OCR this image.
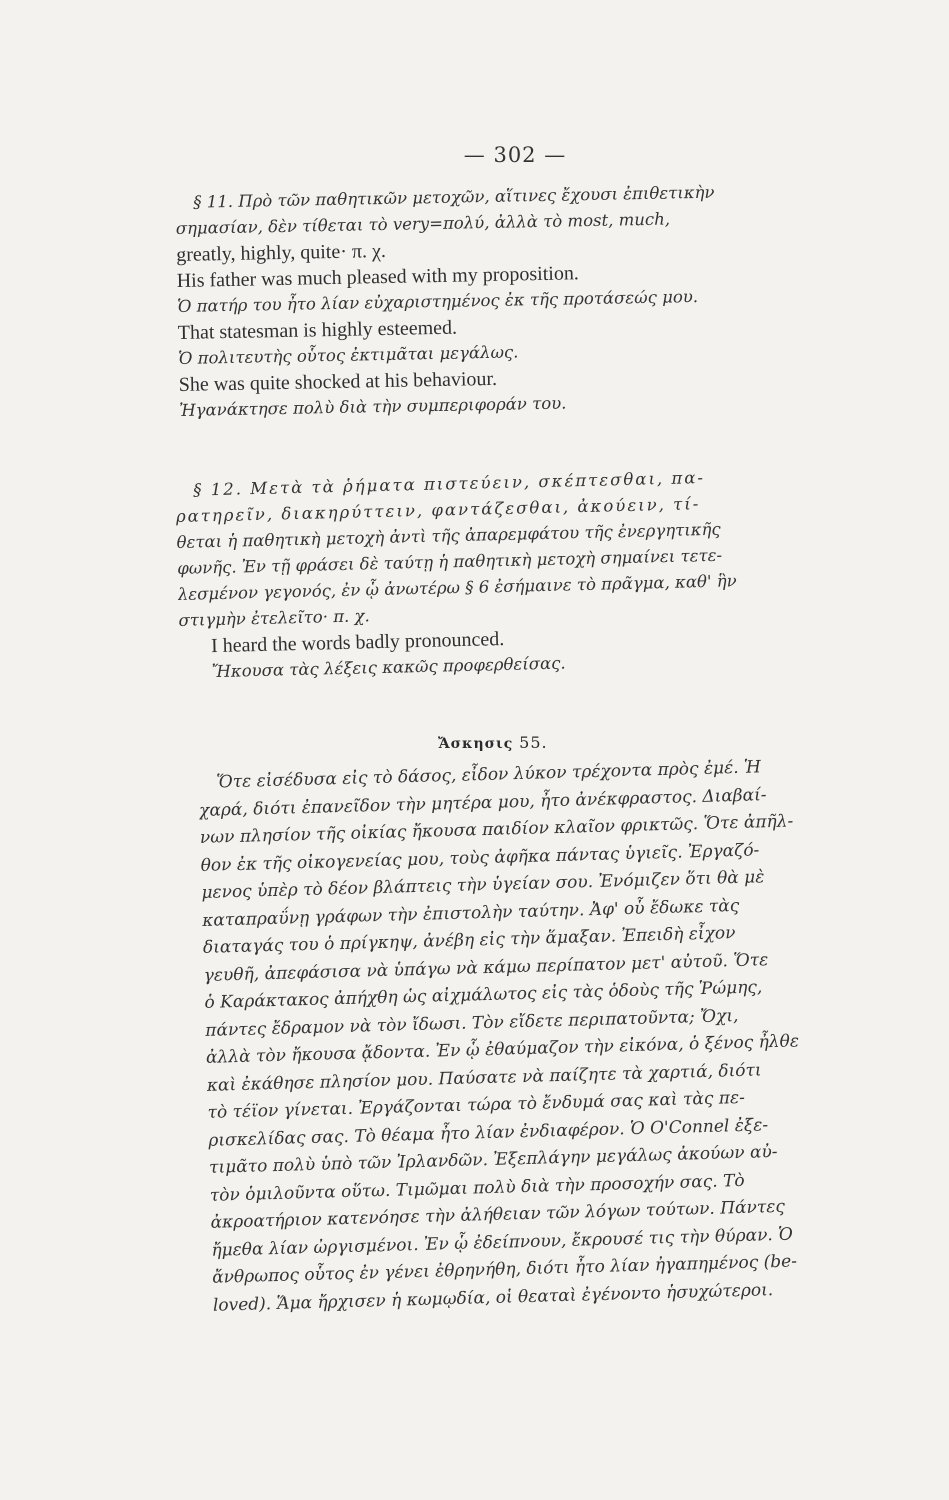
— 302 —
§ 11. Πρὸ τῶν παθητικῶν μετοχῶν, αἵτινες ἔχουσι ἐπιθετικὴν
σημασίαν, δὲν τίθεται τὸ very=πολύ, ἀλλὰ τὸ most, much,
greatly, highly, quite· π. χ.
His father was much pleased with my proposition.
Ὁ πατήρ του ἦτο λίαν εὐχαριστημένος ἐκ τῆς προτάσεώς μου.
That statesman is highly esteemed.
Ὁ πολιτευτὴς οὗτος ἐκτιμᾶται μεγάλως.
She was quite shocked at his behaviour.
Ἠγανάκτησε πολὺ διὰ τὴν συμπεριφοράν του.
§ 12. Μετὰ τὰ ῥήματα πιστεύειν, σκέπτεσθαι, πα-
ρατηρεῖν, διακηρύττειν, φαντάζεσθαι, ἀκούειν, τί-
θεται ἡ παθητικὴ μετοχὴ ἀντὶ τῆς ἀπαρεμφάτου τῆς ἐνεργητικῆς
φωνῆς. Ἐν τῇ φράσει δὲ ταύτῃ ἡ παθητικὴ μετοχὴ σημαίνει τετε-
λεσμένον γεγονός, ἐν ᾧ ἀνωτέρω § 6 ἐσήμαινε τὸ πρᾶγμα, καθ' ἣν
στιγμὴν ἐτελεῖτο· π. χ.
I heard the words badly pronounced.
Ἤκουσα τὰς λέξεις κακῶς προφερθείσας.
Ἄσκησις 55.
Ὅτε εἰσέδυσα εἰς τὸ δάσος, εἶδον λύκον τρέχοντα πρὸς ἐμέ. Ἡ
χαρά, διότι ἐπανεῖδον τὴν μητέρα μου, ἦτο ἀνέκφραστος. Διαβαί-
νων πλησίον τῆς οἰκίας ἤκουσα παιδίον κλαῖον φρικτῶς. Ὅτε ἀπῆλ-
θον ἐκ τῆς οἰκογενείας μου, τοὺς ἀφῆκα πάντας ὑγιεῖς. Ἐργαζό-
μενος ὑπὲρ τὸ δέον βλάπτεις τὴν ὑγείαν σου. Ἐνόμιζεν ὅτι θὰ μὲ
καταπραΰνῃ γράφων τὴν ἐπιστολὴν ταύτην. Ἀφ' οὗ ἔδωκε τὰς
διαταγάς του ὁ πρίγκηψ, ἀνέβη εἰς τὴν ἅμαξαν. Ἐπειδὴ εἶχον
γευθῆ, ἀπεφάσισα νὰ ὑπάγω νὰ κάμω περίπατον μετ' αὐτοῦ. Ὅτε
ὁ Καράκτακος ἀπήχθη ὡς αἰχμάλωτος εἰς τὰς ὁδοὺς τῆς Ῥώμης,
πάντες ἔδραμον νὰ τὸν ἴδωσι. Τὸν εἴδετε περιπατοῦντα; Ὄχι,
ἀλλὰ τὸν ἤκουσα ᾄδοντα. Ἐν ᾧ ἐθαύμαζον τὴν εἰκόνα, ὁ ξένος ἦλθε
καὶ ἐκάθησε πλησίον μου. Παύσατε νὰ παίζητε τὰ χαρτιά, διότι
τὸ τέϊον γίνεται. Ἐργάζονται τώρα τὸ ἔνδυμά σας καὶ τὰς πε-
ρισκελίδας σας. Τὸ θέαμα ἦτο λίαν ἐνδιαφέρον. Ὁ O'Connel ἐξε-
τιμᾶτο πολὺ ὑπὸ τῶν Ἰρλανδῶν. Ἐξεπλάγην μεγάλως ἀκούων αὐ-
τὸν ὁμιλοῦντα οὕτω. Τιμῶμαι πολὺ διὰ τὴν προσοχήν σας. Τὸ
ἀκροατήριον κατενόησε τὴν ἀλήθειαν τῶν λόγων τούτων. Πάντες
ἤμεθα λίαν ὠργισμένοι. Ἐν ᾧ ἐδείπνουν, ἔκρουσέ τις τὴν θύραν. Ὁ
ἄνθρωπος οὗτος ἐν γένει ἐθρηνήθη, διότι ἦτο λίαν ἠγαπημένος (be-
loved). Ἅμα ἤρχισεν ἡ κωμῳδία, οἱ θεαταὶ ἐγένοντο ἡσυχώτεροι.
